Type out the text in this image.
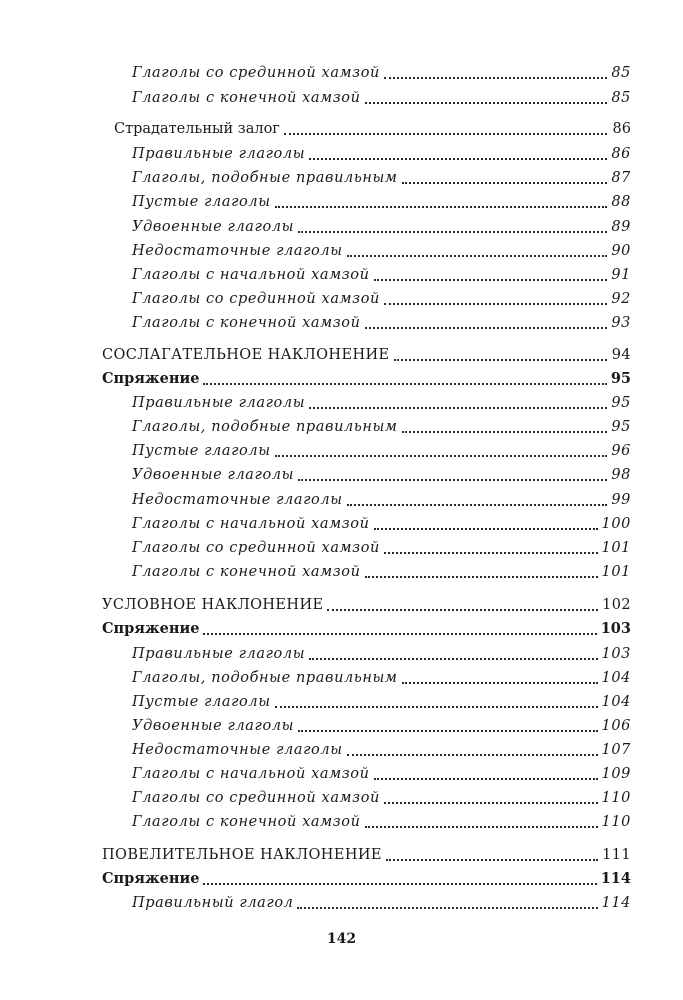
Глаголы со срединной хамзой	85
Глаголы с конечной хамзой	85
Страдательный залог	86
Правильные глаголы	86
Глаголы, подобные правильным	87
Пустые глаголы	88
Удвоенные глаголы	89
Недостаточные глаголы	90
Глаголы с начальной хамзой	91
Глаголы со срединной хамзой	92
Глаголы с конечной хамзой	93
СОСЛАГАТЕЛЬНОЕ НАКЛОНЕНИЕ	94
Спряжение	95
Правильные глаголы	95
Глаголы, подобные правильным	95
Пустые глаголы	96
Удвоенные глаголы	98
Недостаточные глаголы	99
Глаголы с начальной хамзой	100
Глаголы со срединной хамзой	101
Глаголы с конечной хамзой	101
УСЛОВНОЕ НАКЛОНЕНИЕ	102
Спряжение	103
Правильные глаголы	103
Глаголы, подобные правильным	104
Пустые глаголы	104
Удвоенные глаголы	106
Недостаточные глаголы	107
Глаголы с начальной хамзой	109
Глаголы со срединной хамзой	110
Глаголы с конечной хамзой	110
ПОВЕЛИТЕЛЬНОЕ НАКЛОНЕНИЕ	111
Спряжение	114
Правильный глагол	114
142
